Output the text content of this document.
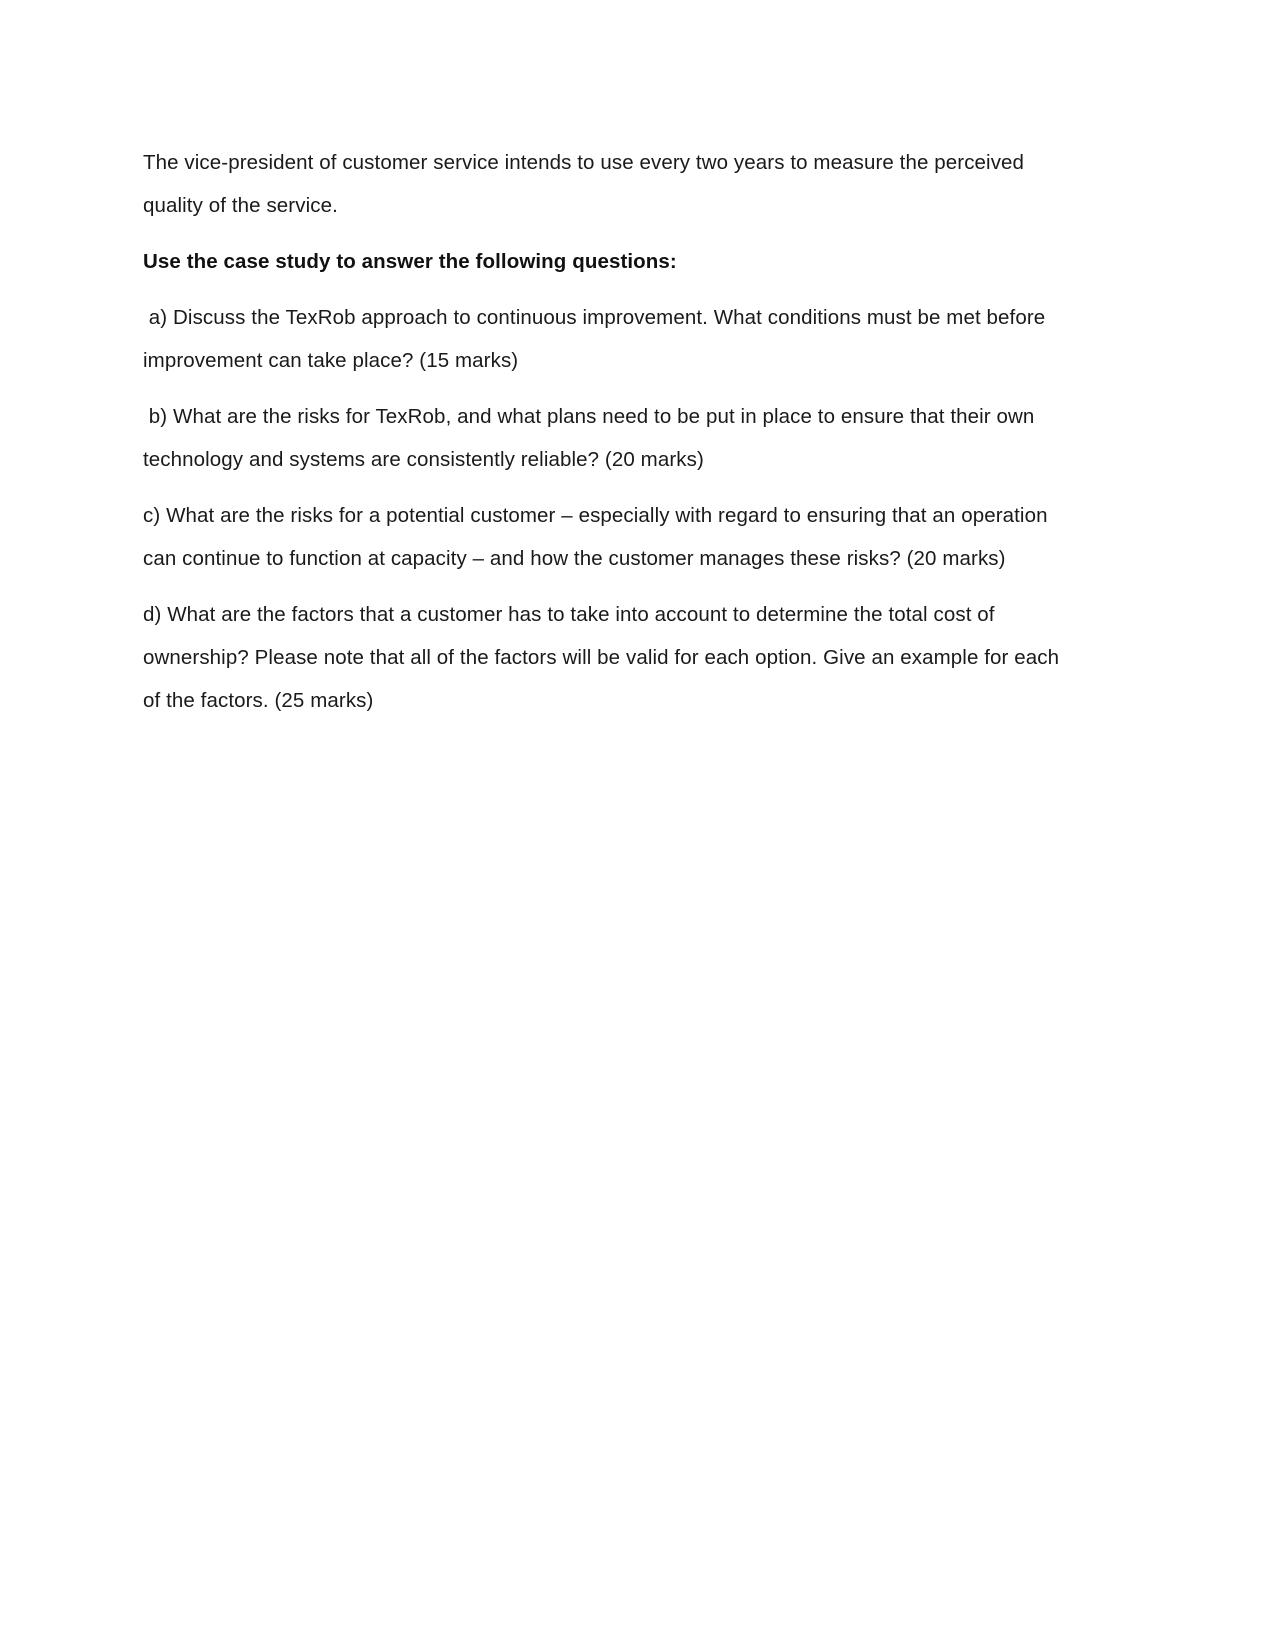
The vice-president of customer service intends to use every two years to measure the perceived quality of the service.

Use the case study to answer the following questions:

a) Discuss the TexRob approach to continuous improvement. What conditions must be met before improvement can take place? (15 marks)

b) What are the risks for TexRob, and what plans need to be put in place to ensure that their own technology and systems are consistently reliable? (20 marks)

c) What are the risks for a potential customer – especially with regard to ensuring that an operation can continue to function at capacity – and how the customer manages these risks? (20 marks)

d) What are the factors that a customer has to take into account to determine the total cost of ownership? Please note that all of the factors will be valid for each option. Give an example for each of the factors. (25 marks)
